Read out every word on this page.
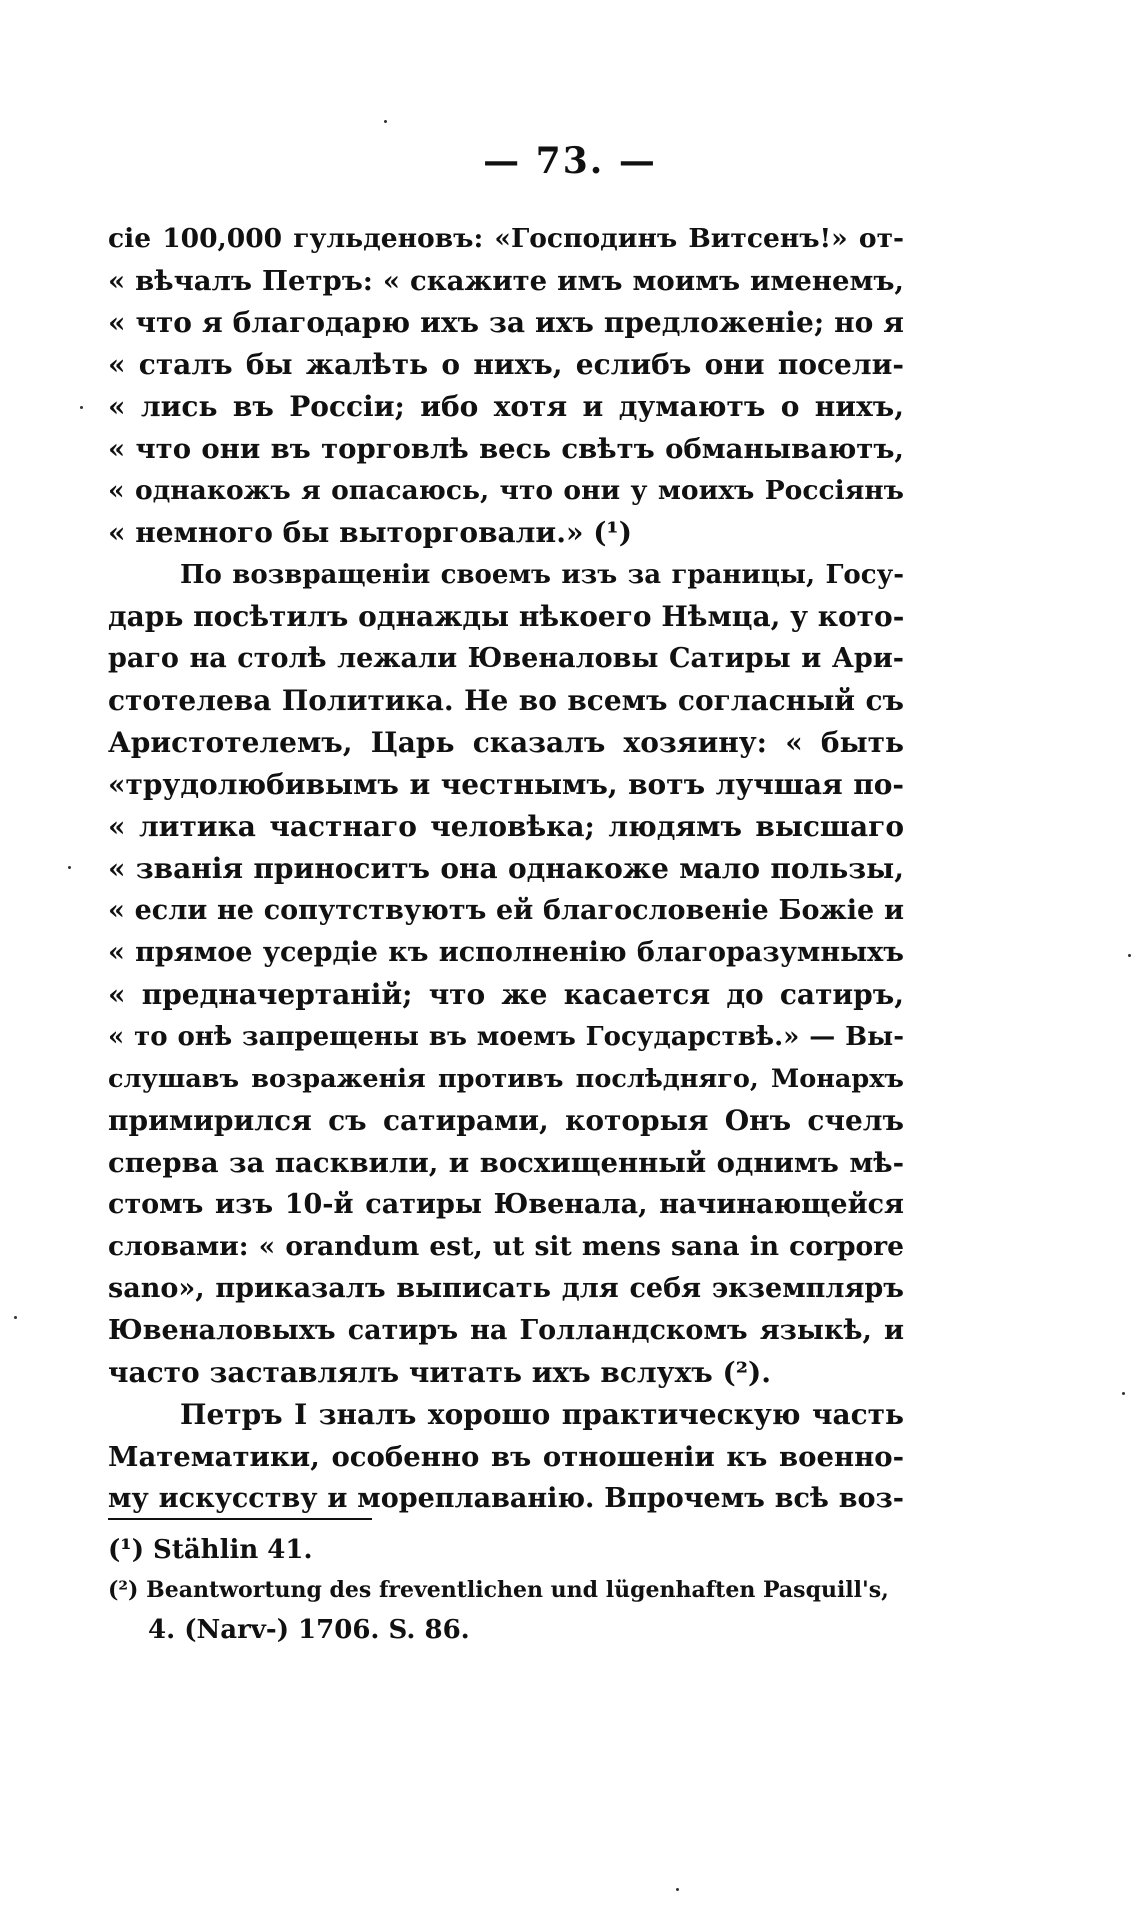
— 73. —
сіе 100,000 гульденовъ: «Господинъ Витсенъ!» от-
« вѣчалъ Петръ: « скажите имъ моимъ именемъ,
« что я благодарю ихъ за ихъ предложеніе; но я
« сталъ бы жалѣть о нихъ, еслибъ они посели-
« лись въ Россіи; ибо хотя и думаютъ о нихъ,
« что они въ торговлѣ весь свѣтъ обманываютъ,
« однакожъ я опасаюсь, что они у моихъ Россіянъ
« немного бы выторговали.» (¹)
По возвращеніи своемъ изъ за границы, Госу-
дарь посѣтилъ однажды нѣкоего Нѣмца, у кото-
раго на столѣ лежали Ювеналовы Сатиры и Ари-
стотелева Политика. Не во всемъ согласный съ
Аристотелемъ, Царь сказалъ хозяину: « быть
«трудолюбивымъ и честнымъ, вотъ лучшая по-
« литика частнаго человѣка; людямъ высшаго
« званія приноситъ она однакоже мало пользы,
« если не сопутствуютъ ей благословеніе Божіе и
« прямое усердіе къ исполненію благоразумныхъ
« предначертаній; что же касается до сатиръ,
« то онѣ запрещены въ моемъ Государствѣ.» — Вы-
слушавъ возраженія противъ послѣдняго, Монархъ
примирился съ сатирами, которыя Онъ счелъ
сперва за пасквили, и восхищенный однимъ мѣ-
стомъ изъ 10-й сатиры Ювенала, начинающейся
словами: « orandum est, ut sit mens sana in corpore
sano», приказалъ выписать для себя экземпляръ
Ювеналовыхъ сатиръ на Голландскомъ языкѣ, и
часто заставлялъ читать ихъ вслухъ (²).
Петръ I зналъ хорошо практическую часть
Математики, особенно въ отношеніи къ военно-
му искусству и мореплаванію. Впрочемъ всѣ воз-
(¹) Stählin 41.
(²) Beantwortung des freventlichen und lügenhaften Pasquill's,
4. (Narv-) 1706. S. 86.
